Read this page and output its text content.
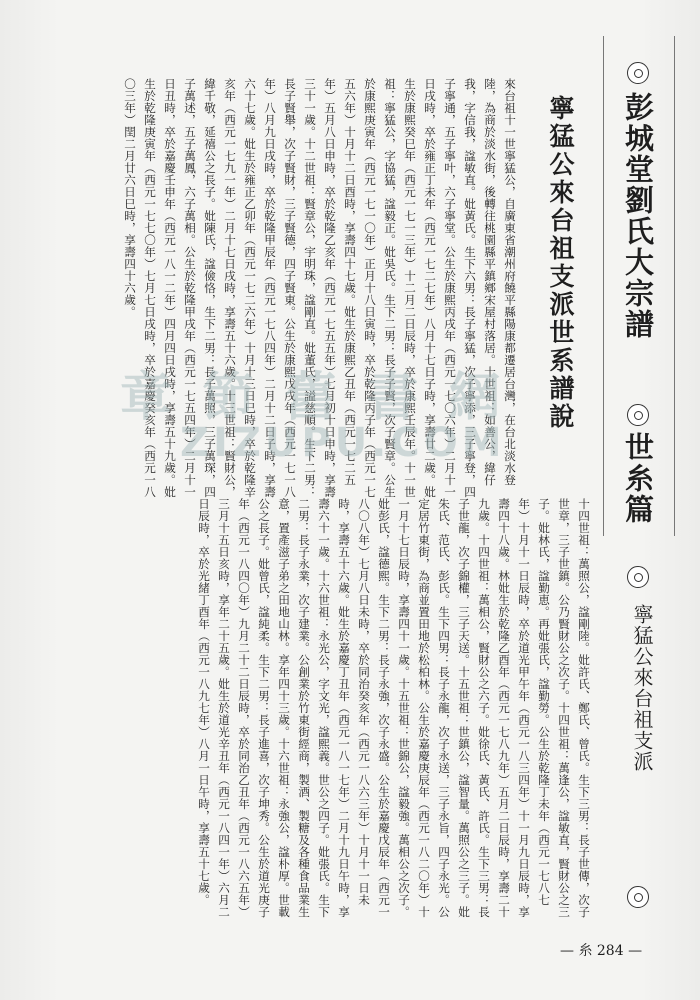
彭城堂劉氏大宗譜
世糸篇
寧猛公來台祖支派
寧猛公來台祖支派世系譜說
來台祖十一世寧猛公，自廣東省潮州府饒平縣陽康都遷居台灣，在台北淡水登陸，為商於淡水街，後轉往桃園縣平鎮鄉宋屋村落居。十世祖：如善公，緯仔我，字信我，諡敏直。妣黃氏。生下六男：長子寧猛，次子寧添，三子寧登，四子寧通，五子寧叶，六子寧堂。公生於康熙丙戌年（西元一七〇六年）二月十一日戌時，卒於雍正丁未年（西元一七二七年）八月十七日子時，享壽廿二歲。妣生於康熙癸巳年（西元一七一三年）十二月二日辰時，卒於康熙壬辰年。十一世祖：寧猛公，字協猛，諡毅正。妣吳氏。生下二男：長子子賢，次子賢章。公生於康熙庚寅年（西元一七一〇年）正月十八日寅時，卒於乾隆丙子年（西元一七五六年）十月十二日酉時，享壽四十七歲。妣生於康熙乙丑年（西元一七二五年）五月八日申時，卒於乾隆乙亥年（西元一七五五年）七月初十日申時，享壽三十一歲。十二世祖：賢章公，宇明珠，諡剛直。妣董氏，謚慈順。生下二男：長子賢舉，次子賢財，三子賢德，四子賢東。公生於康熙戊戌年（西元一七一八年）八月九日戌時，卒於乾隆甲辰年（西元一七八四年）二月十二日子時，享壽六十七歲。妣生於雍正乙卯年（西元一七二六年）十月十三日巳時，卒於乾隆辛亥年（西元一七九一年）二月十七日戌時，享壽五十六歲。十三世祖：賢財公，緯千敬，延禧公之長子。妣陳氏，諡儉恪，生下二男：長子萬照，三子萬琛，四子萬述，五子萬鳳，六子萬相。公生於乾隆甲戌年（西元一七五四年）二月十一日丑時，卒於嘉慶壬申年（西元一八一二年）四月四日戌時，享壽五十九歲。妣生於乾隆庚寅年（西元一七七〇年）七月七日戌時，卒於嘉慶癸亥年（西元一八〇三年）閏二月廿六日巳時，享壽四十六歲。
十四世祖：萬照公，諡剛陸。妣許氏、鄭氏、曾氏。生下三男：長子世傳，次子世章，三子世鎮。公乃賢財公之次子。十四世祖：萬逢公，諡敏直，賢財公之三子。妣林氏，諡勤恵。再妣張氏，諡勤勞。公生於乾隆丁未年（西元一七八七年）十月十一日辰時，卒於道光甲午年（西元一八三四年）十一月九日辰時，享壽四十八歲。林妣生於乾隆乙酉年（西元一七八九年）五月二日辰時，享壽二十九歲。十四世祖：萬相公，賢財公之六子。妣徐氏、黃氏、許氏。生下三男：長子世龍，次子錦權，三子天送。十五世祖：世鎮公，諡智量。萬照公之三子。妣朱氏、范氏、彭氏。生下四男：長子永龍，次子永送，三子永旨，四子永光。公定居竹東街，為商並置田地於松柏林。公生於嘉慶庚辰年（西元一八二〇年）十一月十七日辰時，享壽四十一歲。十五世祖：世錦公，諡毅強。萬相公之次子。妣彭氏，諡德熙。生下二男：長子永強，次子永盛。公生於嘉慶戊辰年（西元一八〇八年）七月八日未時，卒於同治癸亥年（西元一八六三年）十月十一日未時，享壽五十六歲。妣生於嘉慶丁丑年（西元一八一七年）二月十九日午時，享壽六十一歲。十六世祖：永光公，字文光，諡熙義。世公之四子。妣張氏。生下二男：長子永業，次子建業。公創業於竹東街經商，製酒、製糖及各種食品業生意，置產滋子弟之田地山林。享年四十三歲。十六世祖：永強公，諡朴厚。世載公之長子。妣曾氏，諡純柔。生下二男：長子進喜，次子坤秀。公生於道光庚子年（西元一八四〇年）九月二十二日辰時，卒於同治乙丑年（西元一八六五年）三月十五日亥時，享年二十五歲。妣生於道光辛丑年（西元一八四一年）六月二日辰時，卒於光緒丁酉年（西元一八九七年）八月一日午時，享壽五十七歲。
章 節 舊 書 網
ZIZUPU.COM
— 糸 284 —
